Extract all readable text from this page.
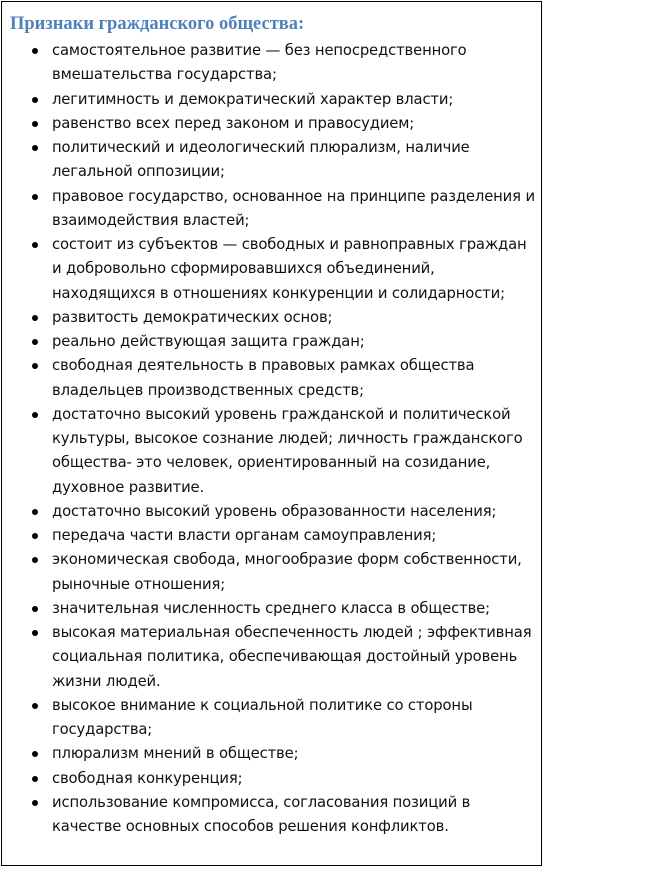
Признаки гражданского общества:
самостоятельное развитие — без непосредственного вмешательства государства;
легитимность и демократический характер власти;
равенство всех перед законом и правосудием;
политический и идеологический плюрализм, наличие легальной оппозиции;
правовое государство, основанное на принципе разделения и взаимодействия властей;
состоит из субъектов — свободных и равноправных граждан и добровольно сформировавшихся объединений, находящихся в отношениях конкуренции и солидарности;
развитость демократических основ;
реально действующая защита граждан;
свободная деятельность в правовых рамках общества владельцев производственных средств;
достаточно высокий уровень гражданской и политической культуры, высокое сознание людей; личность гражданского общества- это человек, ориентированный на созидание, духовное развитие.
достаточно высокий уровень образованности населения;
передача части власти органам самоуправления;
экономическая свобода, многообразие форм собственности, рыночные отношения;
значительная численность среднего класса в обществе;
высокая материальная обеспеченность людей ; эффективная социальная политика, обеспечивающая достойный уровень жизни людей.
высокое внимание к социальной политике со стороны государства;
плюрализм мнений в обществе;
свободная конкуренция;
использование компромисса, согласования позиций в качестве основных способов решения конфликтов.
